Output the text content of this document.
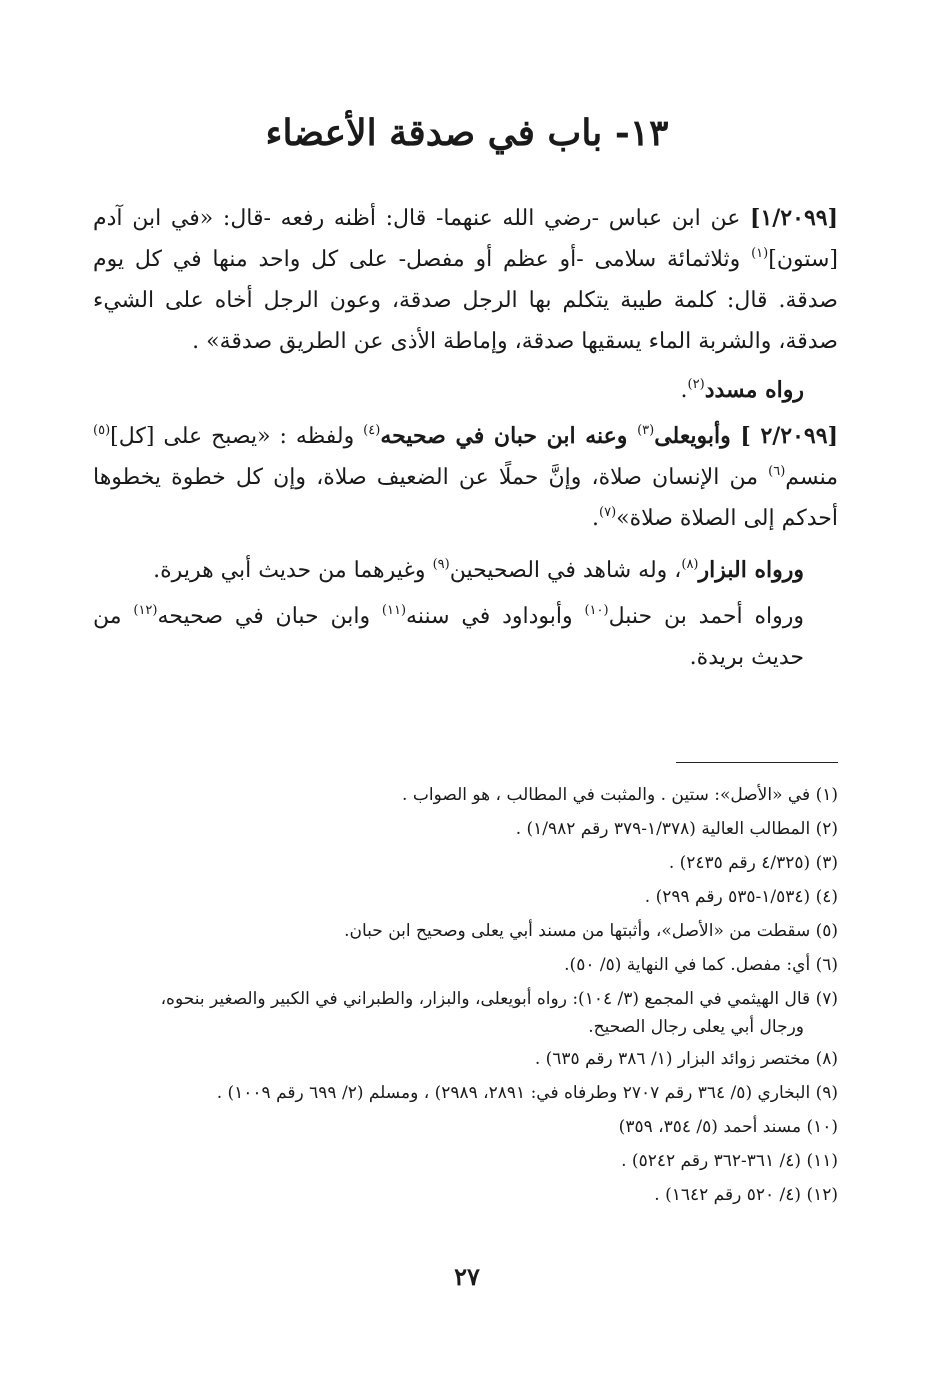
١٣- باب في صدقة الأعضاء

[١/٢٠٩٩] عن ابن عباس -رضي الله عنهما- قال: أظنه رفعه -قال: «في ابن آدم [ستون]$^{(١)}$ وثلاثمائة سلامى -أو عظم أو مفصل- على كل واحد منها في كل يوم صدقة. قال: كلمة طيبة يتكلم بها الرجل صدقة، وعون الرجل أخاه على الشيء صدقة، والشربة الماء يسقيها صدقة، وإماطة الأذى عن الطريق صدقة» .

رواه مسدد$^{(٢)}$.

[٢/٢٠٩٩ ] وأبويعلى$^{(٣)}$ وعنه ابن حبان في صحيحه$^{(٤)}$ ولفظه : «يصبح على [كل]$^{(٥)}$ منسم$^{(٦)}$ من الإنسان صلاة، وإنَّ حملًا عن الضعيف صلاة، وإن كل خطوة يخطوها أحدكم إلى الصلاة صلاة»$^{(٧)}$.

ورواه البزار$^{(٨)}$، وله شاهد في الصحيحين$^{(٩)}$ وغيرهما من حديث أبي هريرة.

ورواه أحمد بن حنبل$^{(١٠)}$ وأبوداود في سننه$^{(١١)}$ وابن حبان في صحيحه$^{(١٢)}$ من حديث بريدة.

(١) في «الأصل»: ستين . والمثبت في المطالب ، هو الصواب .
(٢) المطالب العالية (١/٣٧٨-٣٧٩ رقم ١/٩٨٢) .
(٣) (٤/٣٢٥ رقم ٢٤٣٥) .
(٤) (١/٥٣٤-٥٣٥ رقم ٢٩٩) .
(٥) سقطت من «الأصل»، وأثبتها من مسند أبي يعلى وصحيح ابن حبان.
(٦) أي: مفصل. كما في النهاية (٥/ ٥٠).
(٧) قال الهيثمي في المجمع (٣/ ١٠٤): رواه أبويعلى، والبزار، والطبراني في الكبير والصغير بنحوه،
ورجال أبي يعلى رجال الصحيح.
(٨) مختصر زوائد البزار (١/ ٣٨٦ رقم ٦٣٥) .
(٩) البخاري (٥/ ٣٦٤ رقم ٢٧٠٧ وطرفاه في: ٢٨٩١، ٢٩٨٩) ، ومسلم (٢/ ٦٩٩ رقم ١٠٠٩) .
(١٠) مسند أحمد (٥/ ٣٥٤، ٣٥٩)
(١١) (٤/ ٣٦١-٣٦٢ رقم ٥٢٤٢) .
(١٢) (٤/ ٥٢٠ رقم ١٦٤٢) .
٢٧
